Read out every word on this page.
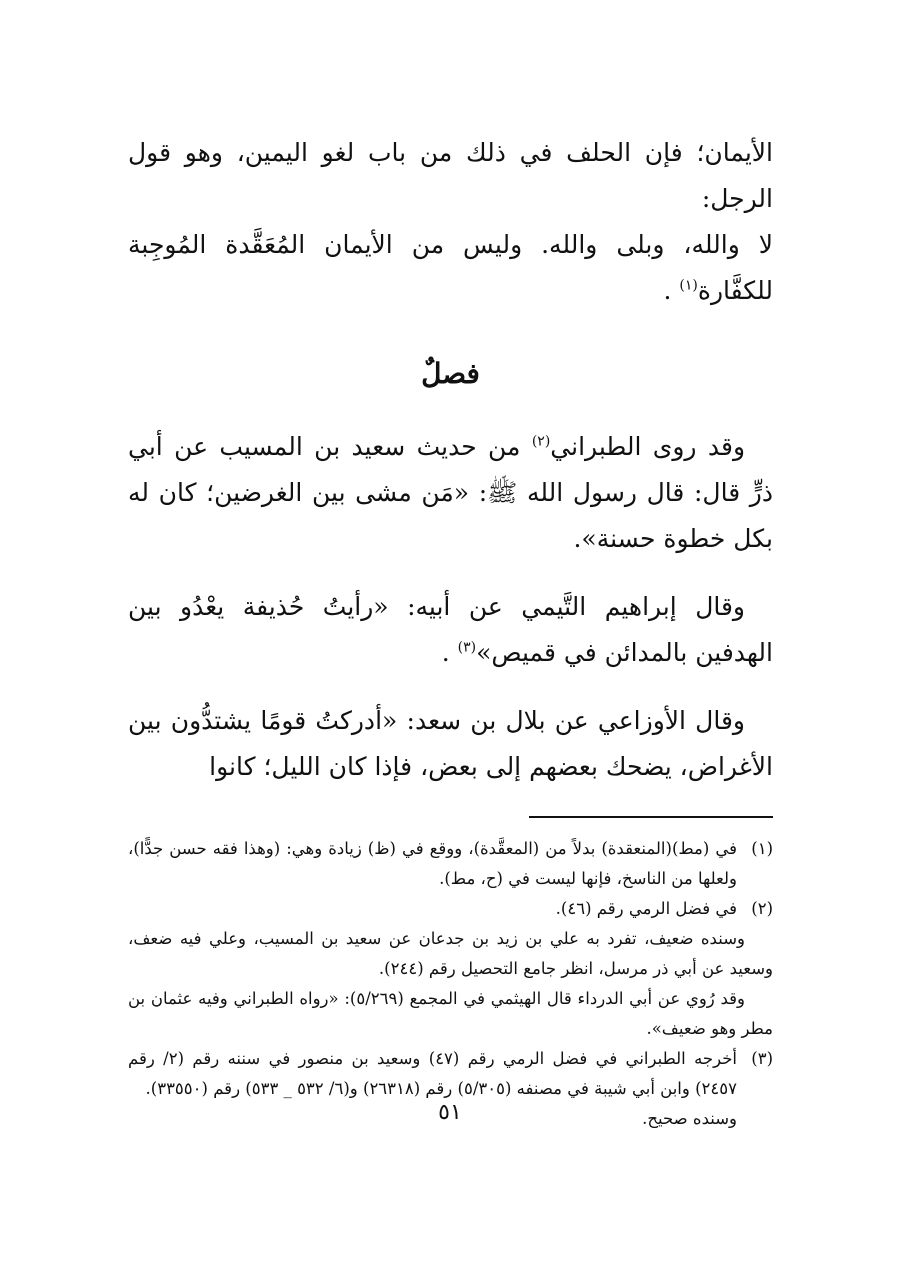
الأيمان؛ فإن الحلف في ذلك من باب لغو اليمين، وهو قول الرجل:
لا والله، وبلى والله. وليس من الأيمان المُعَقَّدة المُوجِبة للكفَّارة$^{(١)}$ .

فصلٌ

وقد روى الطبراني$^{(٢)}$ من حديث سعيد بن المسيب عن أبي ذرٍّ قال: قال رسول الله ﷺ: «مَن مشى بين الغرضين؛ كان له بكل خطوة حسنة».

وقال إبراهيم التَّيمي عن أبيه: «رأيتُ حُذيفة يعْدُو بين الهدفين بالمدائن في قميص»$^{(٣)}$ .

وقال الأوزاعي عن بلال بن سعد: «أدركتُ قومًا يشتدُّون بين الأغراض، يضحك بعضهم إلى بعض، فإذا كان الليل؛ كانوا

(١)

في (مط)(المنعقدة) بدلاً من (المعقَّدة)، ووقع في (ظ) زيادة وهي: (وهذا فقه حسن جدًّا)، ولعلها من الناسخ، فإنها ليست في (ح، مط).

(٢)

في فضل الرمي رقم (٤٦).

وسنده ضعيف، تفرد به علي بن زيد بن جدعان عن سعيد بن المسيب، وعلي فيه ضعف، وسعيد عن أبي ذر مرسل، انظر جامع التحصيل رقم (٢٤٤).

وقد رُوي عن أبي الدرداء قال الهيثمي في المجمع (٥/٢٦٩): «رواه الطبراني وفيه عثمان بن مطر وهو ضعيف».

(٣)

أخرجه الطبراني في فضل الرمي رقم (٤٧) وسعيد بن منصور في سننه رقم (٢/ رقم ٢٤٥٧) وابن أبي شيبة في مصنفه (٥/٣٠٥) رقم (٢٦٣١٨) و(٦/ ٥٣٢ _ ٥٣٣) رقم (٣٣٥٥٠).

وسنده صحيح.

٥١
